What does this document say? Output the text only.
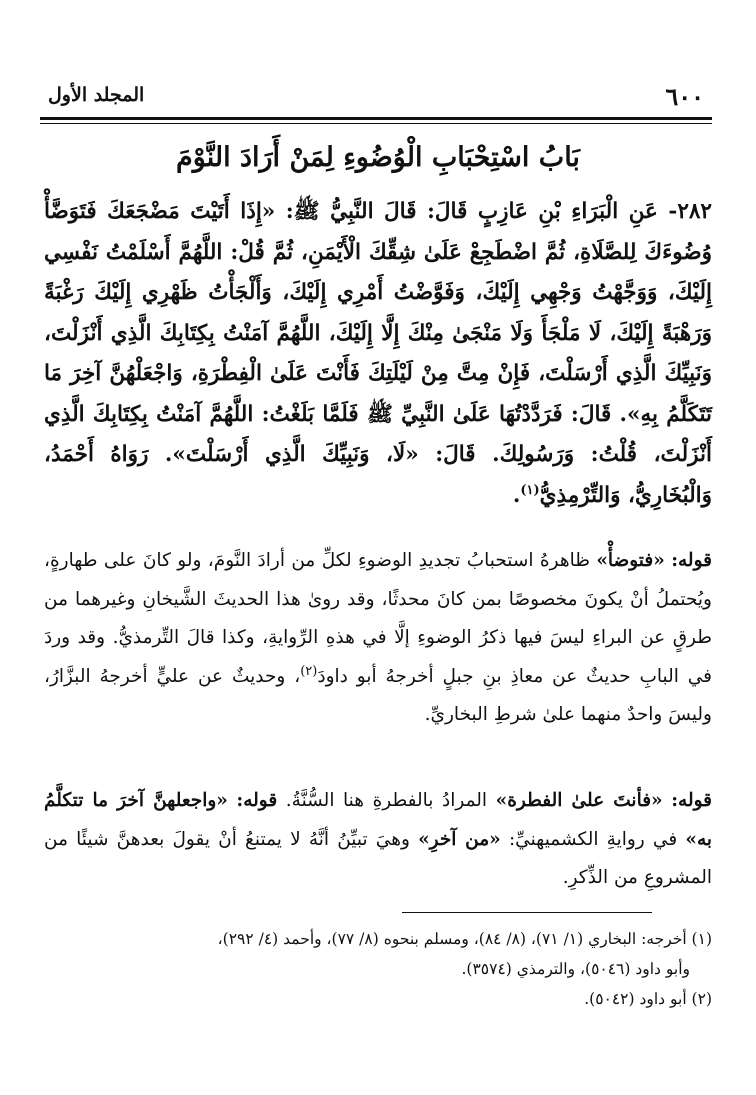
٦٠٠
المجلد الأول
بَابُ اسْتِحْبَابِ الْوُضُوءِ لِمَنْ أَرَادَ النَّوْمَ
٢٨٢- عَنِ الْبَرَاءِ بْنِ عَازِبٍ قَالَ: قَالَ النَّبِيُّ ﷺ: «إِذَا أَتَيْتَ مَضْجَعَكَ فَتَوَضَّأْ وُضُوءَكَ لِلصَّلَاةِ، ثُمَّ اضْطَجِعْ عَلَىٰ شِقِّكَ الْأَيْمَنِ، ثُمَّ قُلْ: اللَّهُمَّ أَسْلَمْتُ نَفْسِي إِلَيْكَ، وَوَجَّهْتُ وَجْهِي إِلَيْكَ، وَفَوَّضْتُ أَمْرِي إِلَيْكَ، وَأَلْجَأْتُ ظَهْرِي إِلَيْكَ رَغْبَةً وَرَهْبَةً إِلَيْكَ، لَا مَلْجَأَ وَلَا مَنْجَىٰ مِنْكَ إِلَّا إِلَيْكَ، اللَّهُمَّ آمَنْتُ بِكِتَابِكَ الَّذِي أَنْزَلْتَ، وَنَبِيِّكَ الَّذِي أَرْسَلْتَ، فَإِنْ مِتَّ مِنْ لَيْلَتِكَ فَأَنْتَ عَلَىٰ الْفِطْرَةِ، وَاجْعَلْهُنَّ آخِرَ مَا تَتَكَلَّمُ بِهِ». قَالَ: فَرَدَّدْتُهَا عَلَىٰ النَّبِيِّ ﷺ فَلَمَّا بَلَغْتُ: اللَّهُمَّ آمَنْتُ بِكِتَابِكَ الَّذِي أَنْزَلْتَ، قُلْتُ: وَرَسُولِكَ. قَالَ: «لَا، وَنَبِيِّكَ الَّذِي أَرْسَلْتَ». رَوَاهُ أَحْمَدُ، وَالْبُخَارِيُّ، وَالتِّرْمِذِيُّ$^{(١)}$.
قوله: «فتوضأْ» ظاهرهُ استحبابُ تجديدِ الوضوءِ لكلِّ من أرادَ النَّومَ، ولو كانَ على طهارةٍ، ويُحتملُ أنْ يكونَ مخصوصًا بمن كانَ محدثًا، وقد روىٰ هذا الحديثَ الشَّيخانِ وغيرهما من طرقٍ عن البراءِ ليسَ فيها ذكرُ الوضوءِ إلَّا في هذهِ الرِّوايةِ، وكذا قالَ التِّرمذيُّ. وقد وردَ في البابِ حديثٌ عن معاذِ بنِ جبلٍ أخرجهُ أبو داودَ$^{(٢)}$، وحديثٌ عن عليٍّ أخرجهُ البزَّارُ، وليسَ واحدٌ منهما علىٰ شرطِ البخاريِّ.
قوله: «فأنتَ علىٰ الفطرة» المرادُ بالفطرةِ هنا السُّنَّةُ. قوله: «واجعلهنَّ آخرَ ما تتكلَّمُ به» في روايةِ الكشميهنيِّ: «من آخرِ» وهيَ تبيِّنُ أنَّهُ لا يمتنعُ أنْ يقولَ بعدهنَّ شيئًا من المشروعِ من الذِّكرِ.
(١) أخرجه: البخاري (١/ ٧١)، (٨/ ٨٤)، ومسلم بنحوه (٨/ ٧٧)، وأحمد (٤/ ٢٩٢)،
وأبو داود (٥٠٤٦)، والترمذي (٣٥٧٤).
(٢) أبو داود (٥٠٤٢).
